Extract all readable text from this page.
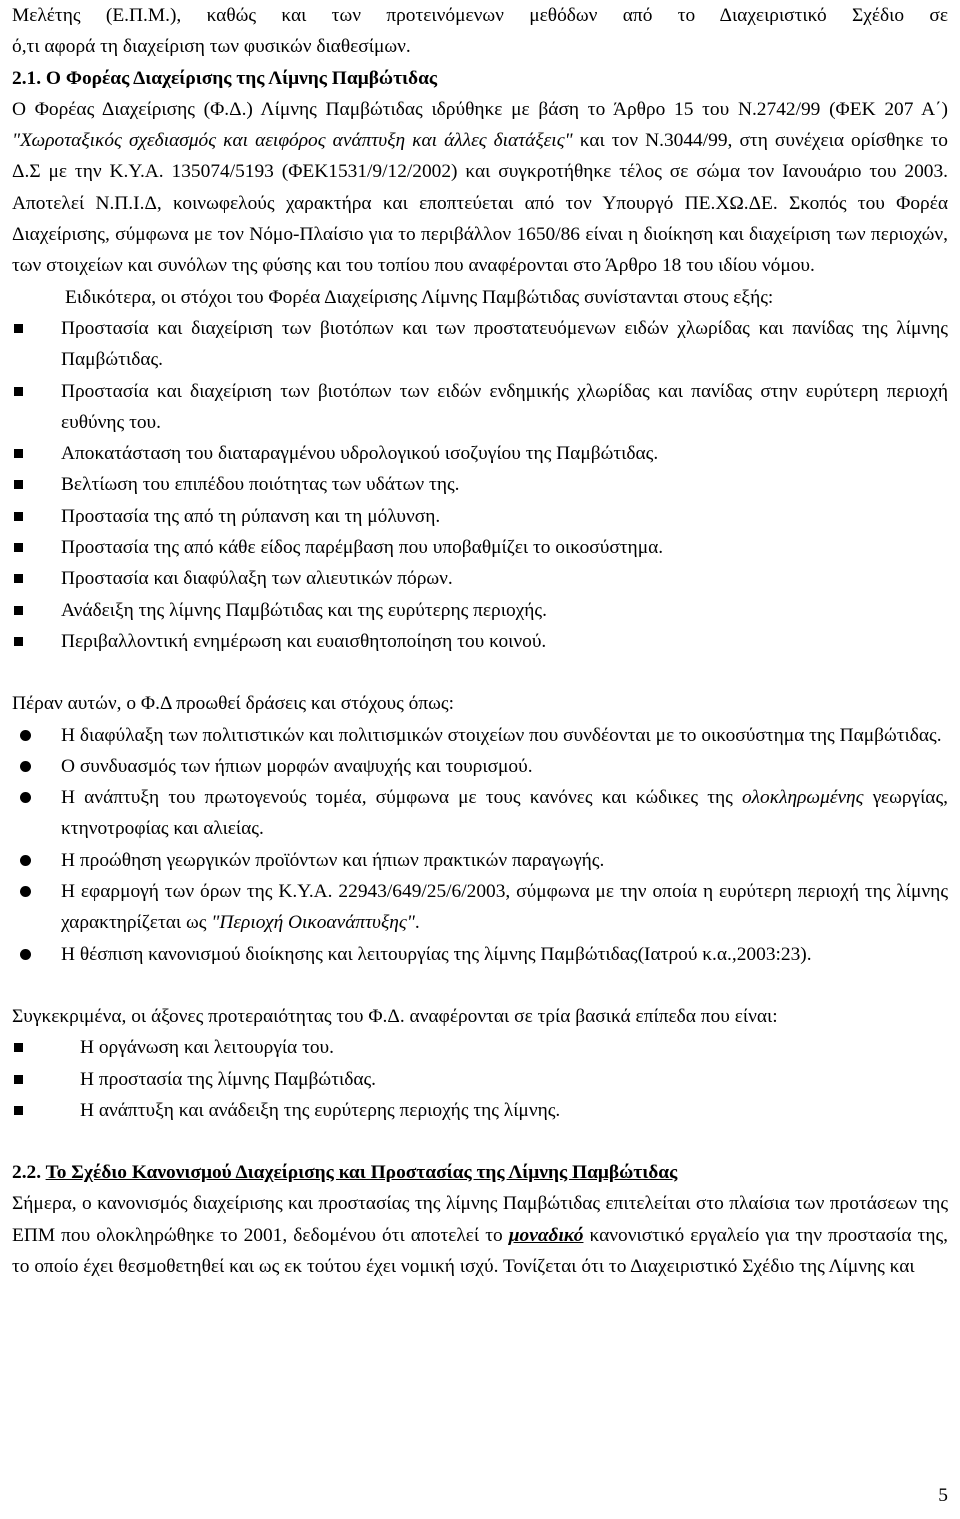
Μελέτης (Ε.Π.Μ.), καθώς και των προτεινόμενων μεθόδων από το Διαχειριστικό Σχέδιο σε

ό,τι αφορά τη διαχείριση των φυσικών διαθεσίμων.

2.1. Ο Φορέας Διαχείρισης της Λίμνης Παμβώτιδας

Ο Φορέας Διαχείρισης (Φ.Δ.) Λίμνης Παμβώτιδας ιδρύθηκε με βάση το Άρθρο 15 του Ν.2742/99 (ΦΕΚ 207 Α΄) "Χωροταξικός σχεδιασμός και αειφόρος ανάπτυξη και άλλες διατάξεις" και τον Ν.3044/99, στη συνέχεια ορίσθηκε το Δ.Σ με την Κ.Υ.Α. 135074/5193 (ΦΕΚ1531/9/12/2002) και συγκροτήθηκε τέλος σε σώμα τον Ιανουάριο του 2003. Αποτελεί Ν.Π.Ι.Δ, κοινωφελούς χαρακτήρα και εποπτεύεται από τον Υπουργό ΠΕ.ΧΩ.ΔΕ. Σκοπός του Φορέα Διαχείρισης, σύμφωνα με τον Νόμο-Πλαίσιο για το περιβάλλον 1650/86 είναι η διοίκηση και διαχείριση των περιοχών, των στοιχείων και συνόλων της φύσης και του τοπίου που αναφέρονται στο Άρθρο 18 του ιδίου νόμου.

Ειδικότερα, οι στόχοι του Φορέα Διαχείρισης Λίμνης Παμβώτιδας συνίστανται στους εξής:

Προστασία και διαχείριση των βιοτόπων και των προστατευόμενων ειδών χλωρίδας και πανίδας της λίμνης Παμβώτιδας.
Προστασία και διαχείριση των βιοτόπων των ειδών ενδημικής χλωρίδας και πανίδας στην ευρύτερη περιοχή ευθύνης του.
Αποκατάσταση του διαταραγμένου υδρολογικού ισοζυγίου της Παμβώτιδας.
Βελτίωση του επιπέδου ποιότητας των υδάτων της.
Προστασία της από τη ρύπανση και τη μόλυνση.
Προστασία της από κάθε είδος παρέμβαση που υποβαθμίζει το οικοσύστημα.
Προστασία και διαφύλαξη των αλιευτικών πόρων.
Ανάδειξη της λίμνης Παμβώτιδας και της ευρύτερης περιοχής.
Περιβαλλοντική ενημέρωση και ευαισθητοποίηση του κοινού.

Πέραν αυτών, ο Φ.Δ προωθεί δράσεις και στόχους όπως:

Η διαφύλαξη των πολιτιστικών και πολιτισμικών στοιχείων που συνδέονται με το οικοσύστημα της Παμβώτιδας.
Ο συνδυασμός των ήπιων μορφών αναψυχής και τουρισμού.
Η ανάπτυξη του πρωτογενούς τομέα, σύμφωνα με τους κανόνες και κώδικες της ολοκληρωμένης γεωργίας, κτηνοτροφίας και αλιείας.
Η προώθηση γεωργικών προϊόντων και ήπιων πρακτικών παραγωγής.
Η εφαρμογή των όρων της Κ.Υ.Α. 22943/649/25/6/2003, σύμφωνα με την οποία η ευρύτερη περιοχή της λίμνης χαρακτηρίζεται ως "Περιοχή Οικοανάπτυξης".
Η θέσπιση κανονισμού διοίκησης και λειτουργίας της λίμνης Παμβώτιδας(Ιατρού κ.α.,2003:23).

Συγκεκριμένα, οι άξονες προτεραιότητας του Φ.Δ. αναφέρονται σε τρία βασικά επίπεδα που είναι:

Η οργάνωση και λειτουργία του.
Η προστασία της λίμνης Παμβώτιδας.
Η ανάπτυξη και ανάδειξη της ευρύτερης περιοχής της λίμνης.

2.2. Το Σχέδιο Κανονισμού Διαχείρισης και Προστασίας της Λίμνης Παμβώτιδας

Σήμερα, ο κανονισμός διαχείρισης και προστασίας της λίμνης Παμβώτιδας επιτελείται στο πλαίσια των προτάσεων της ΕΠΜ που ολοκληρώθηκε το 2001, δεδομένου ότι αποτελεί το μοναδικό κανονιστικό εργαλείο για την προστασία της, το οποίο έχει θεσμοθετηθεί και ως εκ τούτου έχει νομική ισχύ. Τονίζεται ότι το Διαχειριστικό Σχέδιο της Λίμνης και

5
